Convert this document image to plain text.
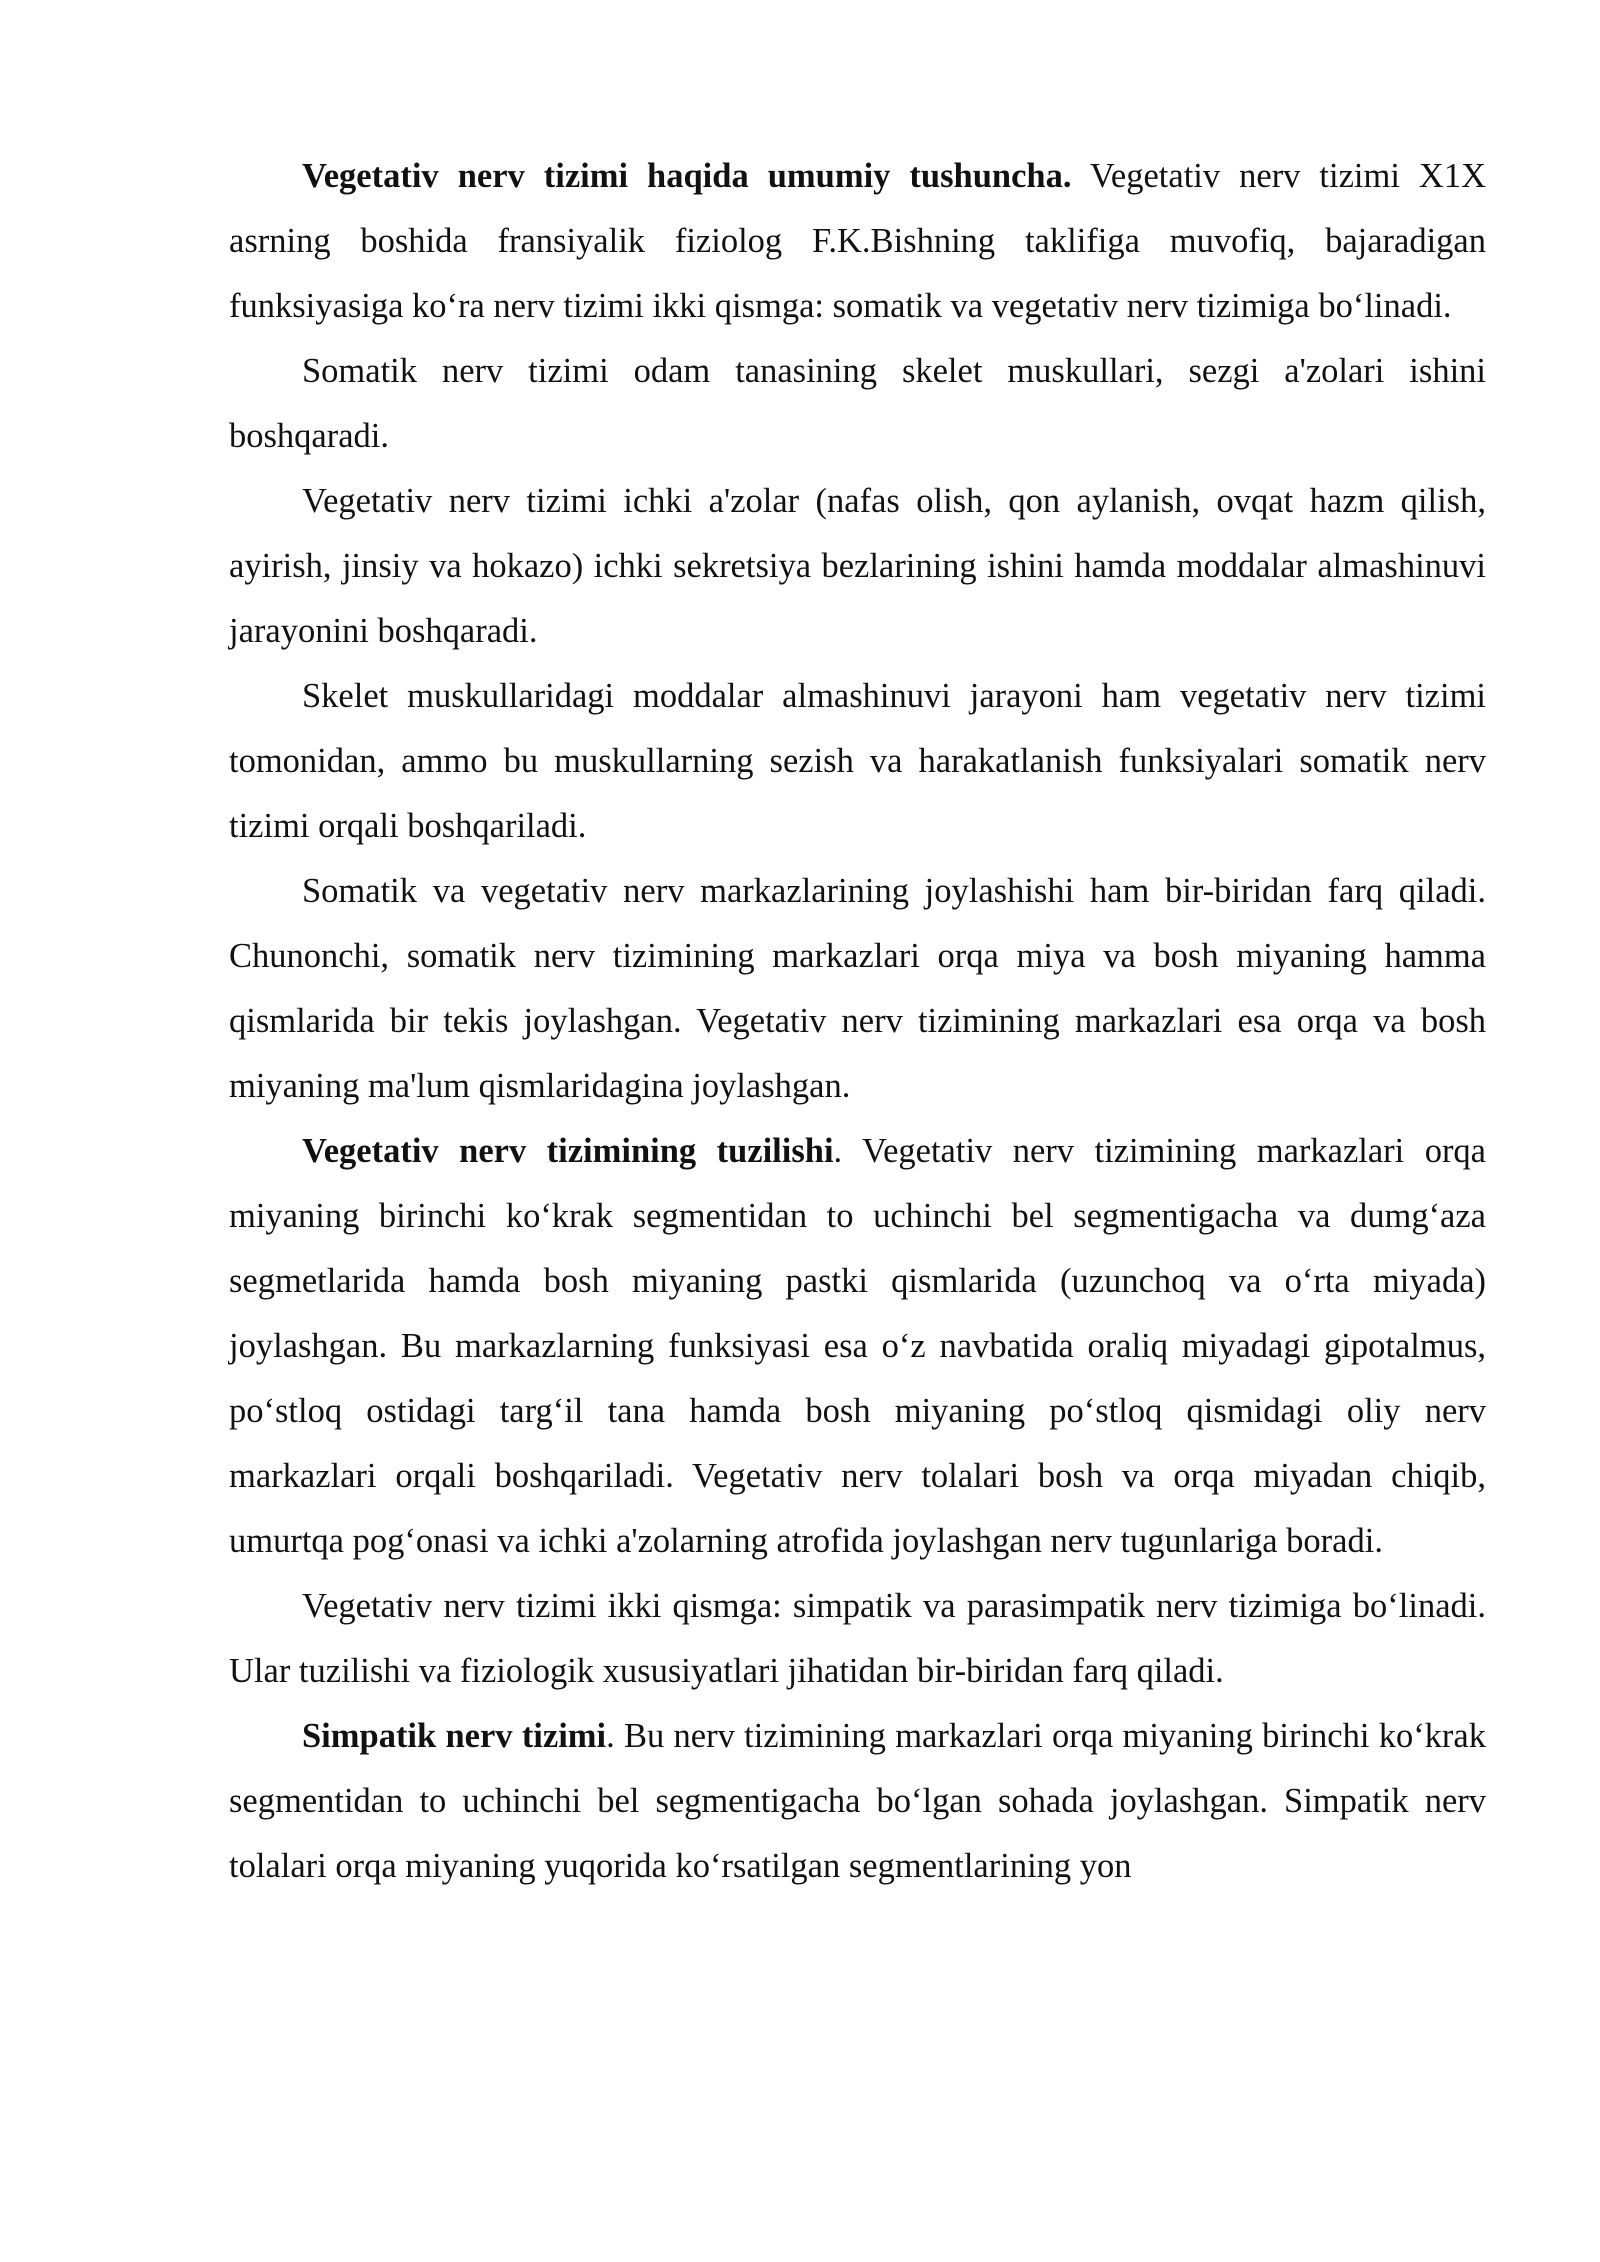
Vegetativ nerv tizimi haqida umumiy tushuncha. Vegetativ nerv tizimi X1X asrning boshida fransiyalik fiziolog F.K.Bishning taklifiga muvofiq, bajaradigan funksiyasiga ko‘ra nerv tizimi ikki qismga: somatik va vegetativ nerv tizimiga bo‘linadi.

Somatik nerv tizimi odam tanasining skelet muskullari, sezgi a'zolari ishini boshqaradi.

Vegetativ nerv tizimi ichki a'zolar (nafas olish, qon aylanish, ovqat hazm qilish, ayirish, jinsiy va hokazo) ichki sekretsiya bezlarining ishini hamda moddalar almashinuvi jarayonini boshqaradi.

Skelet muskullaridagi moddalar almashinuvi jarayoni ham vegetativ nerv tizimi tomonidan, ammo bu muskullarning sezish va harakatlanish funksiyalari somatik nerv tizimi orqali boshqariladi.

Somatik va vegetativ nerv markazlarining joylashishi ham bir-biridan farq qiladi. Chunonchi, somatik nerv tizimining markazlari orqa miya va bosh miyaning hamma qismlarida bir tekis joylashgan. Vegetativ nerv tizimining markazlari esa orqa va bosh miyaning ma'lum qismlaridagina joylashgan.

Vegetativ nerv tizimining tuzilishi. Vegetativ nerv tizimining markazlari orqa miyaning birinchi ko‘krak segmentidan to uchinchi bel segmentigacha va dumg‘aza segmetlarida hamda bosh miyaning pastki qismlarida (uzunchoq va o‘rta miyada) joylashgan. Bu markazlarning funksiyasi esa o‘z navbatida oraliq miyadagi gipotalmus, po‘stloq ostidagi targ‘il tana hamda bosh miyaning po‘stloq qismidagi oliy nerv markazlari orqali boshqariladi. Vegetativ nerv tolalari bosh va orqa miyadan chiqib, umurtqa pog‘onasi va ichki a'zolarning atrofida joylashgan nerv tugunlariga boradi.

Vegetativ nerv tizimi ikki qismga: simpatik va parasimpatik nerv tizimiga bo‘linadi. Ular tuzilishi va fiziologik xususiyatlari jihatidan bir-biridan farq qiladi.

Simpatik nerv tizimi. Bu nerv tizimining markazlari orqa miyaning birinchi ko‘krak segmentidan to uchinchi bel segmentigacha bo‘lgan sohada joylashgan. Simpatik nerv tolalari orqa miyaning yuqorida ko‘rsatilgan segmentlarining yon
